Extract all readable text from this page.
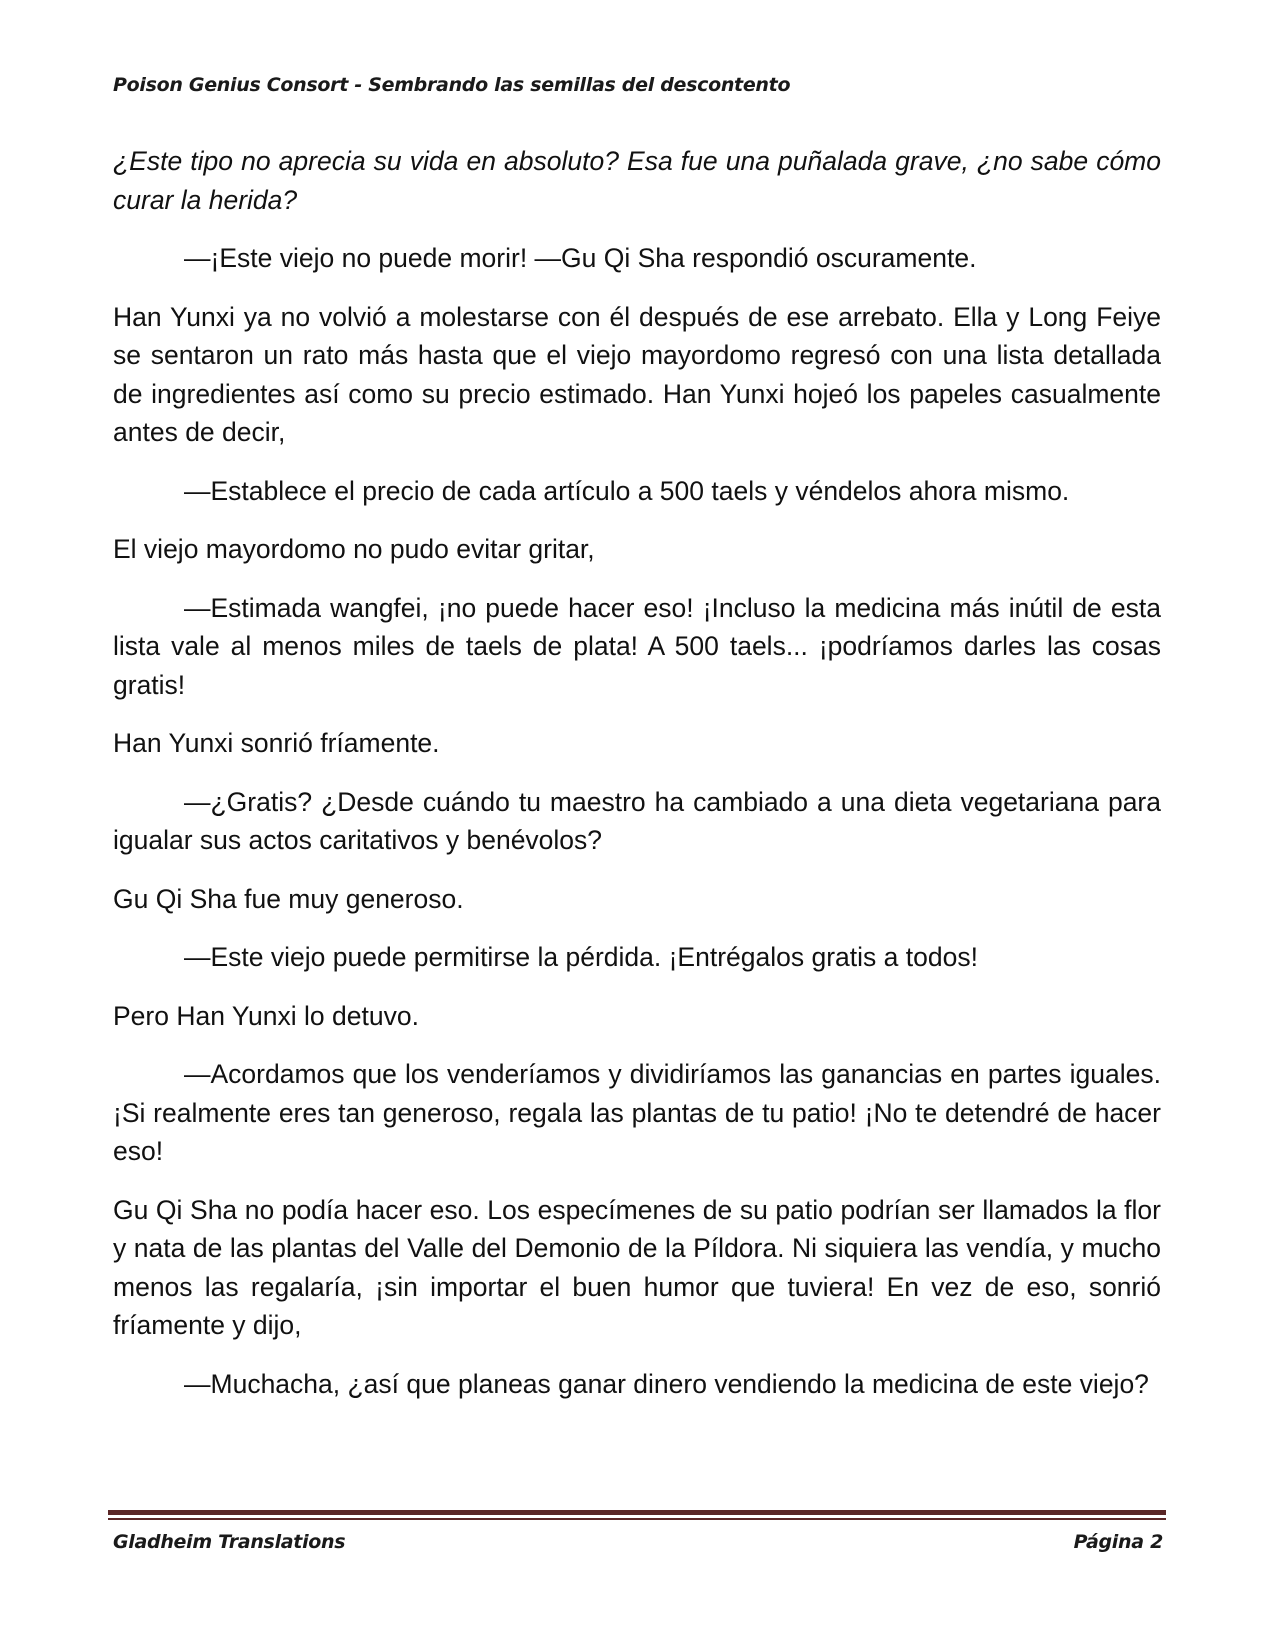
Poison Genius Consort - Sembrando las semillas del descontento

¿Este tipo no aprecia su vida en absoluto? Esa fue una puñalada grave, ¿no sabe cómo curar la herida?

—¡Este viejo no puede morir! —Gu Qi Sha respondió oscuramente.

Han Yunxi ya no volvió a molestarse con él después de ese arrebato. Ella y Long Feiye se sentaron un rato más hasta que el viejo mayordomo regresó con una lista detallada de ingredientes así como su precio estimado. Han Yunxi hojeó los papeles casualmente antes de decir,

—Establece el precio de cada artículo a 500 taels y véndelos ahora mismo.

El viejo mayordomo no pudo evitar gritar,

—Estimada wangfei, ¡no puede hacer eso! ¡Incluso la medicina más inútil de esta lista vale al menos miles de taels de plata! A 500 taels... ¡podríamos darles las cosas gratis!

Han Yunxi sonrió fríamente.

—¿Gratis? ¿Desde cuándo tu maestro ha cambiado a una dieta vegetariana para igualar sus actos caritativos y benévolos?

Gu Qi Sha fue muy generoso.

—Este viejo puede permitirse la pérdida. ¡Entrégalos gratis a todos!

Pero Han Yunxi lo detuvo.

—Acordamos que los venderíamos y dividiríamos las ganancias en partes iguales. ¡Si realmente eres tan generoso, regala las plantas de tu patio! ¡No te detendré de hacer eso!

Gu Qi Sha no podía hacer eso. Los especímenes de su patio podrían ser llamados la flor y nata de las plantas del Valle del Demonio de la Píldora. Ni siquiera las vendía, y mucho menos las regalaría, ¡sin importar el buen humor que tuviera! En vez de eso, sonrió fríamente y dijo,

—Muchacha, ¿así que planeas ganar dinero vendiendo la medicina de este viejo?

Gladheim Translations	Página 2
